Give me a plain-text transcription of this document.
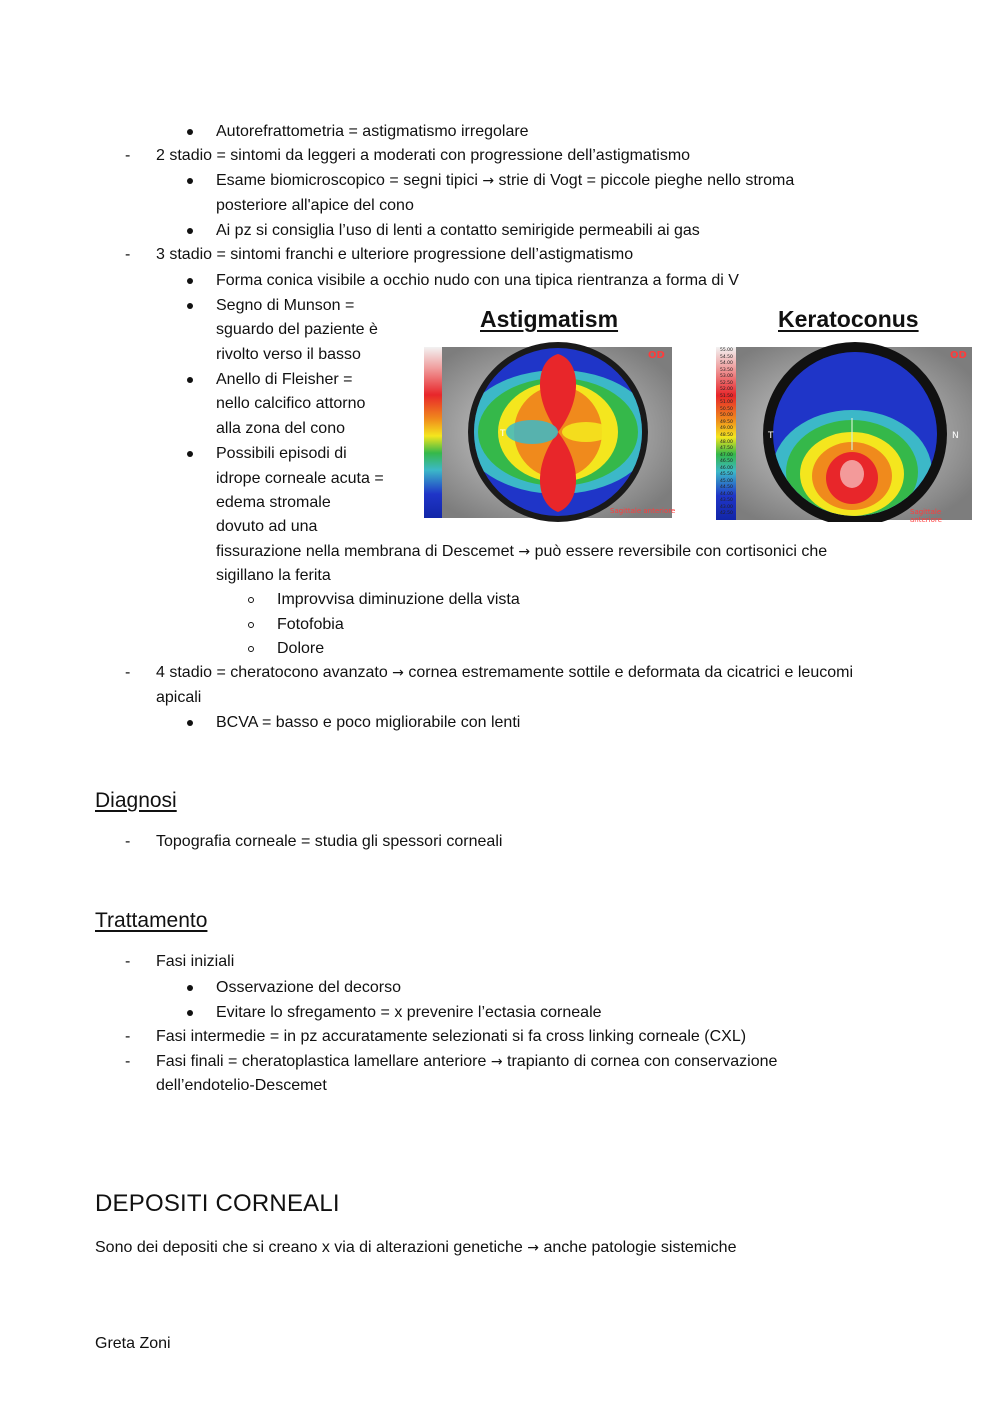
Autorefrattometria = astigmatismo irregolare
- 2 stadio = sintomi da leggeri a moderati con progressione dell’astigmatismo
Esame biomicroscopico = segni tipici → strie di Vogt = piccole pieghe nello stroma
posteriore all'apice del cono
Ai pz si consiglia l’uso di lenti a contatto semirigide permeabili ai gas
- 3 stadio = sintomi franchi e ulteriore progressione dell’astigmatismo
Forma conica visibile a occhio nudo con una tipica rientranza a forma di V
Segno di Munson =
sguardo del paziente è
rivolto verso il basso
Anello di Fleisher =
nello calcifico attorno
alla zona del cono
Possibili episodi di
idrope corneale acuta =
edema stromale
dovuto ad una
fissurazione nella membrana di Descemet → può essere reversibile con cortisonici che
sigillano la ferita
Improvvisa diminuzione della vista
Fotofobia
Dolore
Astigmatism	Keratoconus
T	T	N
OD	OD
Sagittale anteriore	Sagittale anteriore
55.00
54.50
54.00
53.50
53.00
52.50
52.00
51.50
51.00
50.50
50.00
49.50
49.00
48.50
48.00
47.50
47.00
46.50
46.00
45.50
45.00
44.50
44.00
43.50
43.00
42.50
- 4 stadio = cheratocono avanzato → cornea estremamente sottile e deformata da cicatrici e leucomi
apicali
BCVA = basso e poco migliorabile con lenti
Diagnosi
- Topografia corneale = studia gli spessori corneali
Trattamento
- Fasi iniziali
Osservazione del decorso
Evitare lo sfregamento = x prevenire l’ectasia corneale
- Fasi intermedie = in pz accuratamente selezionati si fa cross linking corneale (CXL)
- Fasi finali = cheratoplastica lamellare anteriore → trapianto di cornea con conservazione
dell’endotelio-Descemet
DEPOSITI CORNEALI
Sono dei depositi che si creano x via di alterazioni genetiche → anche patologie sistemiche
Greta Zoni
